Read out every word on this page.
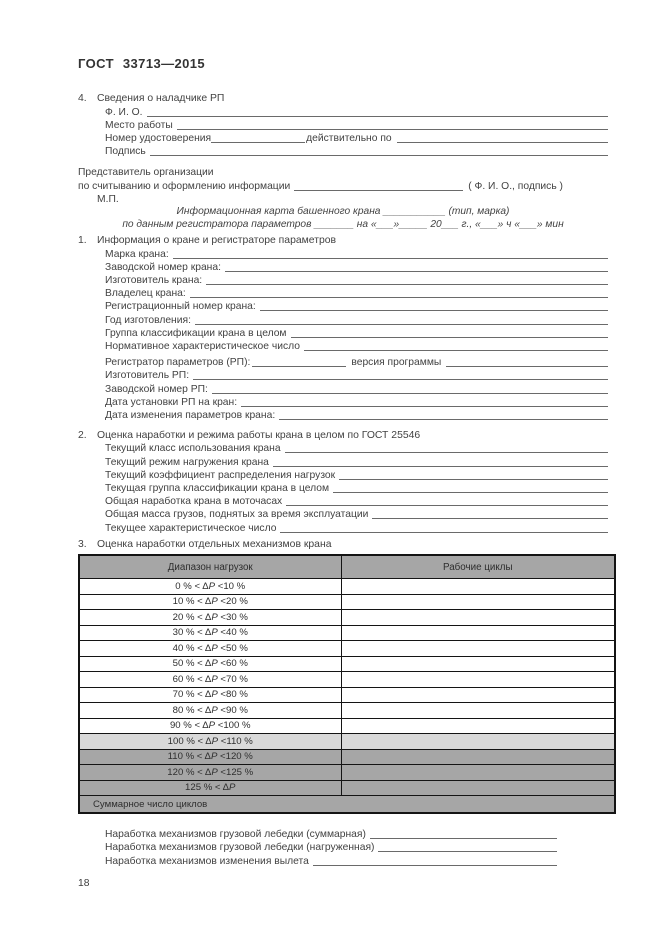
ГОСТ 33713—2015
4. Сведения о наладчике РП
Ф. И. О.
Место работы
Номер удостоверения	действительно по
Подпись
Представитель организации
по считыванию и оформлению информации	( Ф. И. О., подпись )
М.П.
Информационная карта башенного крана ___________ (тип, марка)
по данным регистратора параметров _______ на «___»_____ 20___ г., «___» ч «___» мин
1. Информация о кране и регистраторе параметров
Марка крана:
Заводской номер крана:
Изготовитель крана:
Владелец крана:
Регистрационный номер крана:
Год изготовления:
Группа классификации крана в целом
Нормативное характеристическое число
Регистратор параметров (РП):	версия программы
Изготовитель РП:
Заводской номер РП:
Дата установки РП на кран:
Дата изменения параметров крана:
2. Оценка наработки и режима работы крана в целом по ГОСТ 25546
Текущий класс использования крана
Текущий режим нагружения крана
Текущий коэффициент распределения нагрузок
Текущая группа классификации крана в целом
Общая наработка крана в моточасах
Общая масса грузов, поднятых за время эксплуатации
Текущее характеристическое число
3. Оценка наработки отдельных механизмов крана
Диапазон нагрузок	Рабочие циклы
0 % < ΔP <10 %	
10 % < ΔP <20 %	
20 % < ΔP <30 %	
30 % < ΔP <40 %	
40 % < ΔP <50 %	
50 % < ΔP <60 %	
60 % < ΔP <70 %	
70 % < ΔP <80 %	
80 % < ΔP <90 %	
90 % < ΔP <100 %	
100 % < ΔP <110 %	
110 % < ΔP <120 %	
120 % < ΔP <125 %	
125 % < ΔP	
Суммарное число циклов	
Наработка механизмов грузовой лебедки (суммарная)
Наработка механизмов грузовой лебедки (нагруженная)
Наработка механизмов изменения вылета
18
